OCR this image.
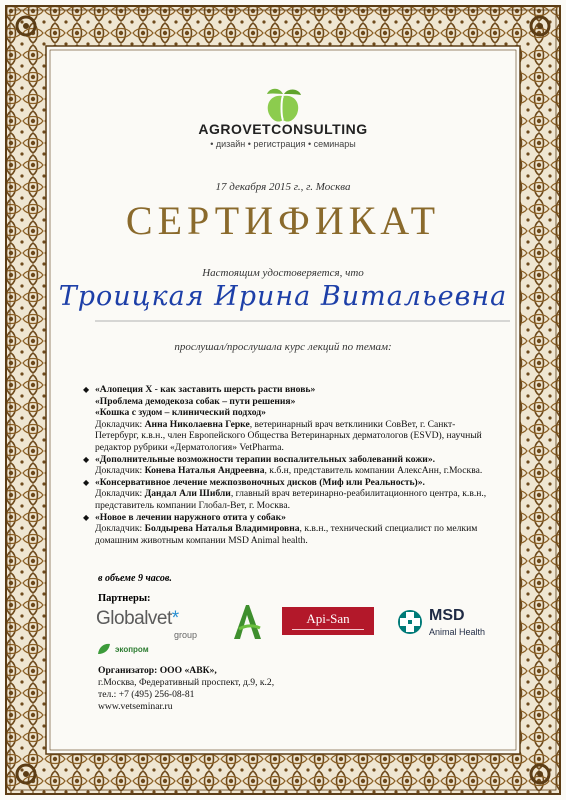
AGROVETCONSULTING
• дизайн • регистрация • семинары
17 декабря 2015 г., г. Москва
СЕРТИФИКАТ
Настоящим удостоверяется, что
Троицкая Ирина Витальевна
прослушал/прослушала курс лекций по темам:
◆ «Алопеция Х - как заставить шерсть расти вновь»
«Проблема демодекоза собак – пути решения»
«Кошка с зудом – клинический подход»
Докладчик: Анна Николаевна Герке, ветеринарный врач ветклиники СовВет, г. Санкт-Петербург, к.в.н., член Европейского Общества Ветеринарных дерматологов (ESVD), научный редактор рубрики «Дерматология» VetPharma.
◆ «Дополнительные возможности терапии воспалительных заболеваний кожи».
Докладчик: Конева Наталья Андреевна, к.б.н, представитель компании АлексАнн, г.Москва.
◆ «Консервативное лечение межпозвоночных дисков (Миф или Реальность)».
Докладчик: Дандал Али Шибли, главный врач ветеринарно-реабилитационного центра, к.в.н., представитель компании Глобал-Вет, г. Москва.
◆ «Новое в лечении наружного отита у собак»
Докладчик: Болдырева Наталья Владимировна, к.в.н., технический специалист по мелким домашним животным компании MSD Animal health.
в объеме 9 часов.
Партнеры:
Globalvet*
group
экопром
Api-San	MSD
Animal Health
Организатор: ООО «АВК»,
г.Москва, Федеративный проспект, д.9, к.2,
тел.: +7 (495) 256-08-81
www.vetseminar.ru
